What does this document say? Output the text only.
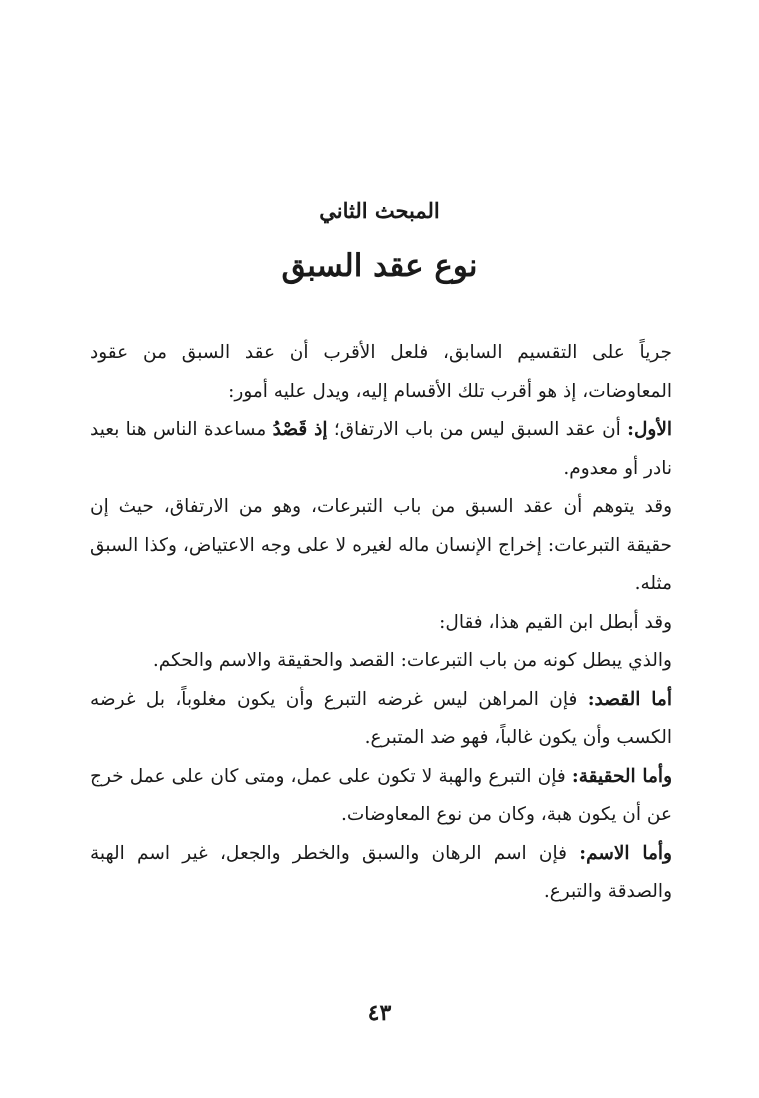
المبحث الثاني
نوع عقد السبق

جرياً على التقسيم السابق، فلعل الأقرب أن عقد السبق من عقود المعاوضات، إذ هو أقرب تلك الأقسام إليه، ويدل عليه أمور:

الأول: أن عقد السبق ليس من باب الارتفاق؛ إذ قَصْدُ مساعدة الناس هنا بعيد نادر أو معدوم.

وقد يتوهم أن عقد السبق من باب التبرعات، وهو من الارتفاق، حيث إن حقيقة التبرعات: إخراج الإنسان ماله لغيره لا على وجه الاعتياض، وكذا السبق مثله.

وقد أبطل ابن القيم هذا، فقال:

والذي يبطل كونه من باب التبرعات: القصد والحقيقة والاسم والحكم.

أما القصد: فإن المراهن ليس غرضه التبرع وأن يكون مغلوباً، بل غرضه الكسب وأن يكون غالباً، فهو ضد المتبرع.

وأما الحقيقة: فإن التبرع والهبة لا تكون على عمل، ومتى كان على عمل خرج عن أن يكون هبة، وكان من نوع المعاوضات.

وأما الاسم: فإن اسم الرهان والسبق والخطر والجعل، غير اسم الهبة والصدقة والتبرع.

٤٣
